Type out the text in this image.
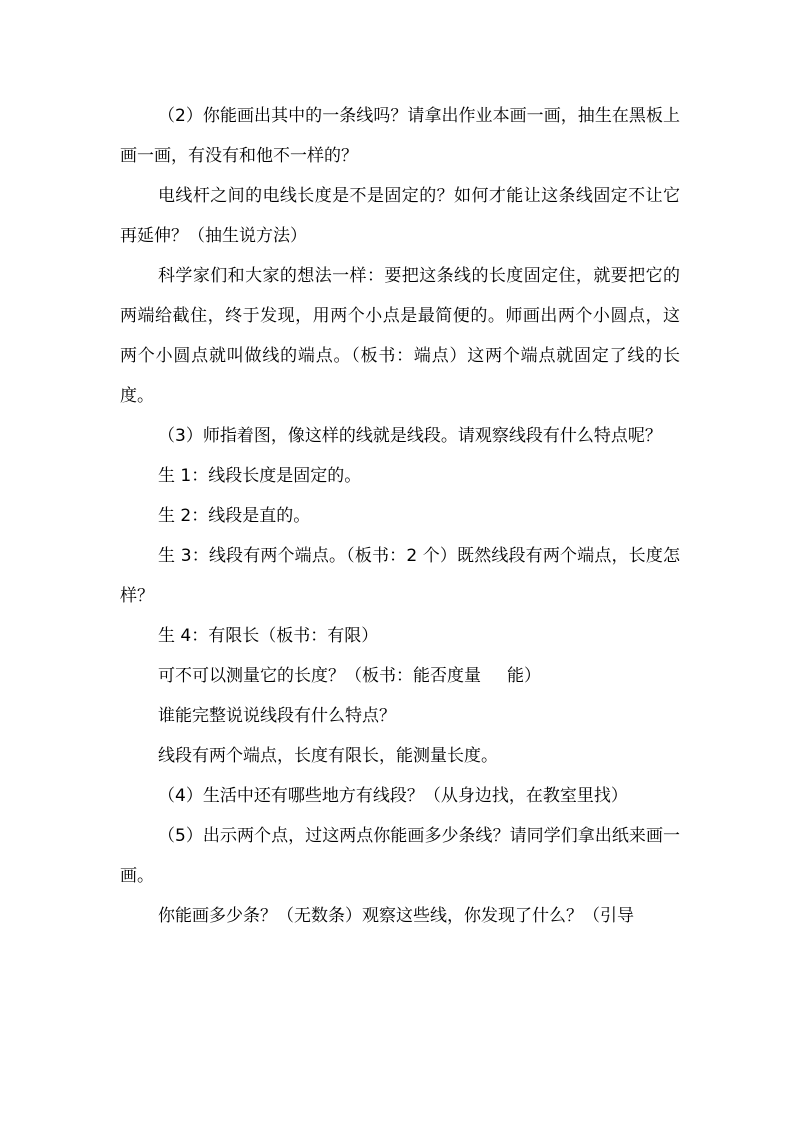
（2）你能画出其中的一条线吗？请拿出作业本画一画，抽生在黑板上画一画，有没有和他不一样的？

电线杆之间的电线长度是不是固定的？如何才能让这条线固定不让它再延伸？（抽生说方法）

科学家们和大家的想法一样：要把这条线的长度固定住，就要把它的两端给截住，终于发现，用两个小点是最简便的。师画出两个小圆点，这两个小圆点就叫做线的端点。（板书：端点）这两个端点就固定了线的长度。

（3）师指着图，像这样的线就是线段。请观察线段有什么特点呢？

生 1：线段长度是固定的。

生 2：线段是直的。

生 3：线段有两个端点。（板书：2 个）既然线段有两个端点，长度怎样？

生 4：有限长（板书：有限）

可不可以测量它的长度？（板书：能否度量 能）

谁能完整说说线段有什么特点？

线段有两个端点，长度有限长，能测量长度。

（4）生活中还有哪些地方有线段？（从身边找，在教室里找）

（5）出示两个点，过这两点你能画多少条线？请同学们拿出纸来画一画。

你能画多少条？（无数条）观察这些线，你发现了什么？（引导
